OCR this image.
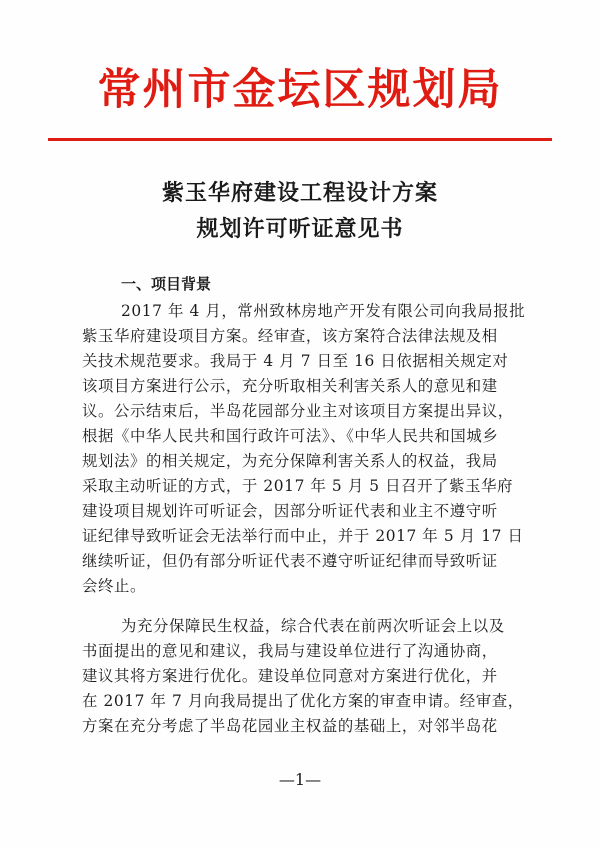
常州市金坛区规划局
紫玉华府建设工程设计方案
规划许可听证意见书
一、项目背景
2017 年 4 月，常州致林房地产开发有限公司向我局报批
紫玉华府建设项目方案。经审查，该方案符合法律法规及相
关技术规范要求。我局于 4 月 7 日至 16 日依据相关规定对
该项目方案进行公示，充分听取相关利害关系人的意见和建
议。公示结束后，半岛花园部分业主对该项目方案提出异议，
根据《中华人民共和国行政许可法》、《中华人民共和国城乡
规划法》的相关规定，为充分保障利害关系人的权益，我局
采取主动听证的方式，于 2017 年 5 月 5 日召开了紫玉华府
建设项目规划许可听证会，因部分听证代表和业主不遵守听
证纪律导致听证会无法举行而中止，并于 2017 年 5 月 17 日
继续听证，但仍有部分听证代表不遵守听证纪律而导致听证
会终止。
为充分保障民生权益，综合代表在前两次听证会上以及
书面提出的意见和建议，我局与建设单位进行了沟通协商，
建议其将方案进行优化。建设单位同意对方案进行优化，并
在 2017 年 7 月向我局提出了优化方案的审查申请。经审查，
方案在充分考虑了半岛花园业主权益的基础上，对邻半岛花
—1—
